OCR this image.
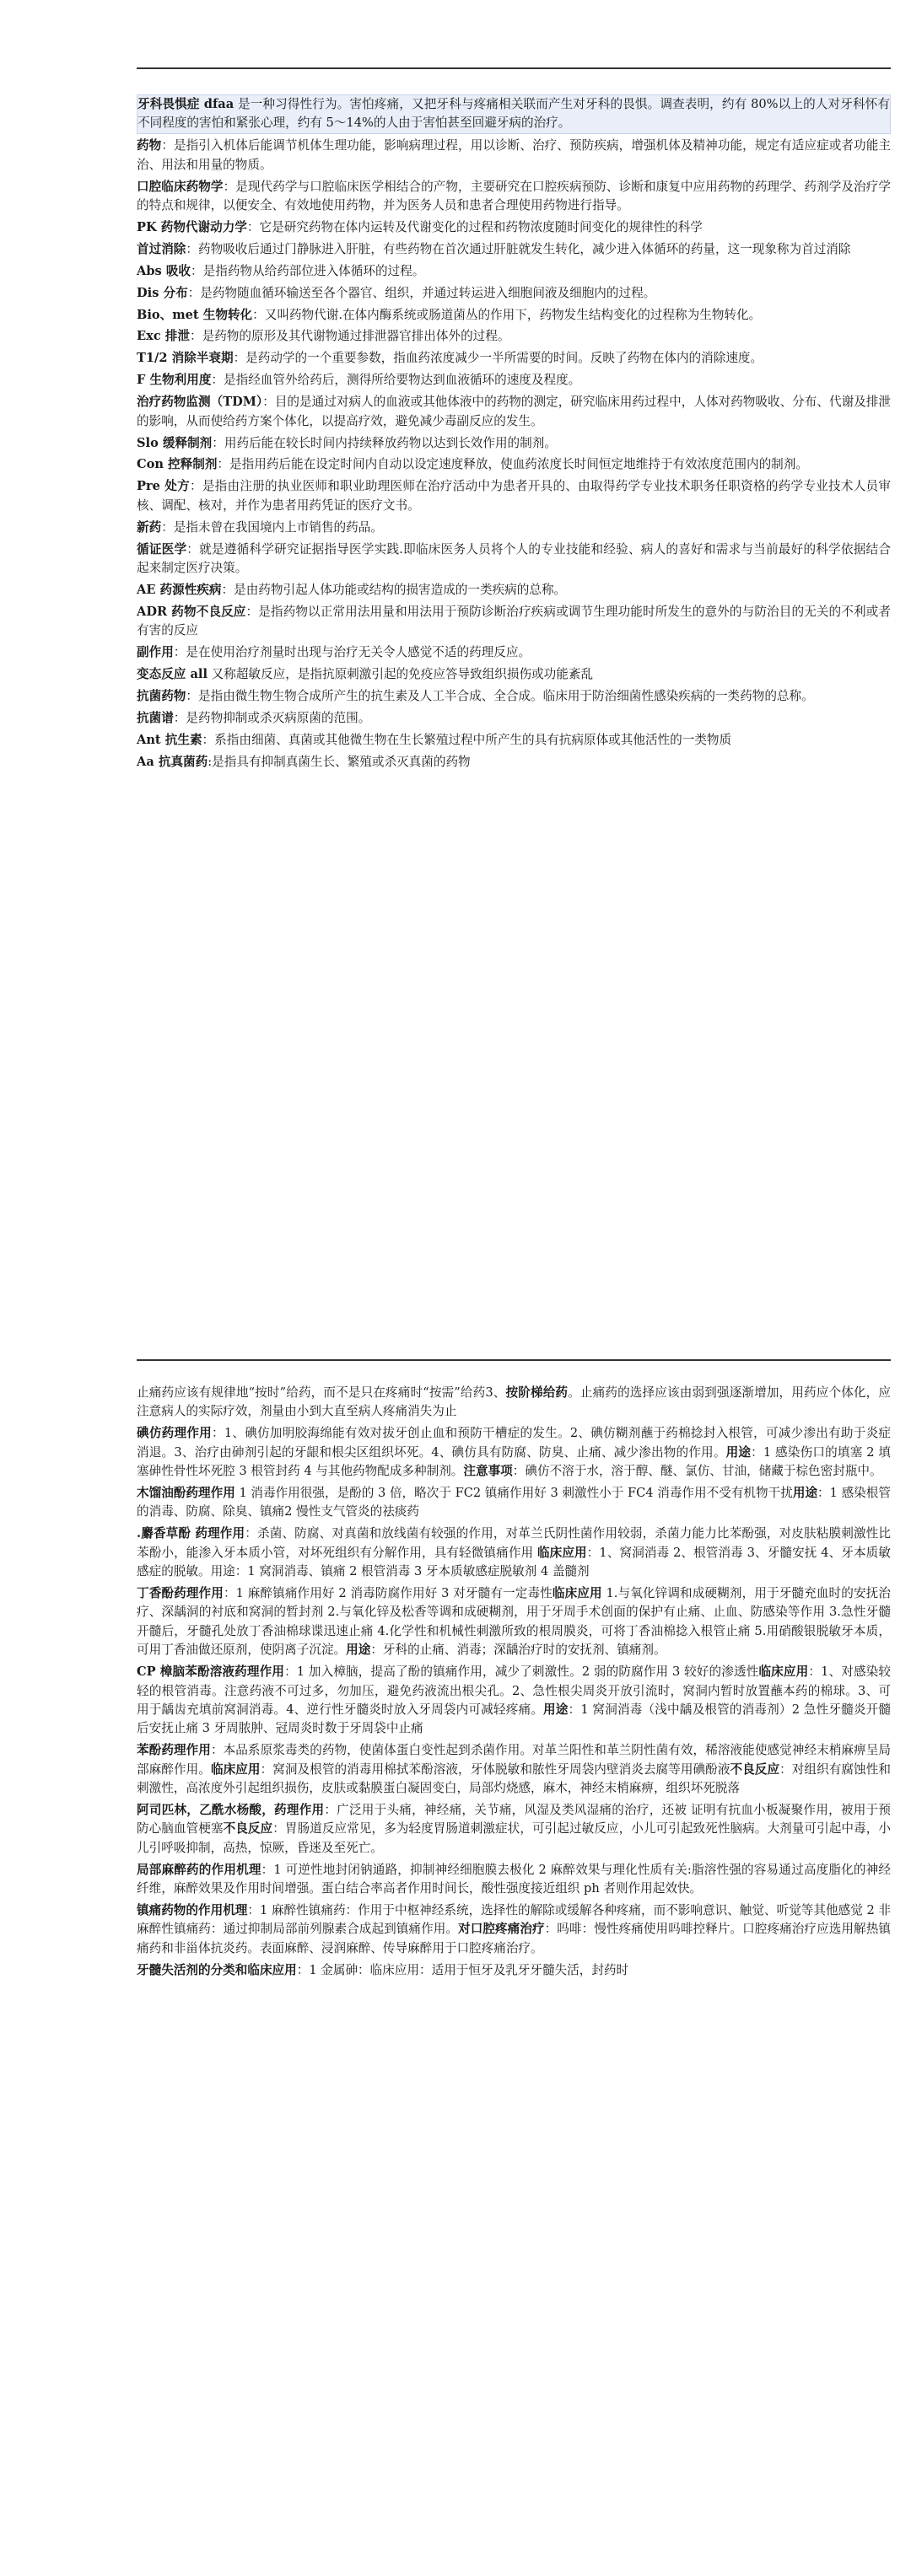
牙科畏惧症 dfaa 是一种习得性行为。害怕疼痛，又把牙科与疼痛相关联而产生对牙科的畏惧。调查表明，约有 80%以上的人对牙科怀有不同程度的害怕和紧张心理，约有 5～14%的人由于害怕甚至回避牙病的治疗。

药物：是指引入机体后能调节机体生理功能，影响病理过程，用以诊断、治疗、预防疾病，增强机体及精神功能，规定有适应症或者功能主治、用法和用量的物质。

口腔临床药物学：是现代药学与口腔临床医学相结合的产物，主要研究在口腔疾病预防、诊断和康复中应用药物的药理学、药剂学及治疗学的特点和规律，以便安全、有效地使用药物，并为医务人员和患者合理使用药物进行指导。

PK 药物代谢动力学：它是研究药物在体内运转及代谢变化的过程和药物浓度随时间变化的规律性的科学

首过消除：药物吸收后通过门静脉进入肝脏，有些药物在首次通过肝脏就发生转化，减少进入体循环的药量，这一现象称为首过消除

Abs 吸收：是指药物从给药部位进入体循环的过程。

Dis 分布：是药物随血循环输送至各个器官、组织，并通过转运进入细胞间液及细胞内的过程。

Bio、met 生物转化：又叫药物代谢.在体内酶系统或肠道菌丛的作用下，药物发生结构变化的过程称为生物转化。

Exc 排泄：是药物的原形及其代谢物通过排泄器官排出体外的过程。

T1/2 消除半衰期：是药动学的一个重要参数，指血药浓度减少一半所需要的时间。反映了药物在体内的消除速度。

F 生物利用度：是指经血管外给药后，测得所给要物达到血液循环的速度及程度。

治疗药物监测（TDM）：目的是通过对病人的血液或其他体液中的药物的测定，研究临床用药过程中，人体对药物吸收、分布、代谢及排泄的影响，从而使给药方案个体化，以提高疗效，避免减少毒副反应的发生。

Slo 缓释制剂：用药后能在较长时间内持续释放药物以达到长效作用的制剂。

Con 控释制剂：是指用药后能在设定时间内自动以设定速度释放，使血药浓度长时间恒定地维持于有效浓度范围内的制剂。

Pre 处方：是指由注册的执业医师和职业助理医师在治疗活动中为患者开具的、由取得药学专业技术职务任职资格的药学专业技术人员审核、调配、核对，并作为患者用药凭证的医疗文书。

新药：是指未曾在我国境内上市销售的药品。

循证医学：就是遵循科学研究证据指导医学实践.即临床医务人员将个人的专业技能和经验、病人的喜好和需求与当前最好的科学依据结合起来制定医疗决策。

AE 药源性疾病：是由药物引起人体功能或结构的损害造成的一类疾病的总称。

ADR 药物不良反应：是指药物以正常用法用量和用法用于预防诊断治疗疾病或调节生理功能时所发生的意外的与防治目的无关的不利或者有害的反应

副作用：是在使用治疗剂量时出现与治疗无关令人感觉不适的药理反应。

变态反应 all 又称超敏反应，是指抗原刺激引起的免疫应答导致组织损伤或功能紊乱

抗菌药物：是指由微生物生物合成所产生的抗生素及人工半合成、全合成。临床用于防治细菌性感染疾病的一类药物的总称。

抗菌谱：是药物抑制或杀灭病原菌的范围。

Ant 抗生素：系指由细菌、真菌或其他微生物在生长繁殖过程中所产生的具有抗病原体或其他活性的一类物质

Aa 抗真菌药:是指具有抑制真菌生长、繁殖或杀灭真菌的药物

止痛药应该有规律地“按时”给药，而不是只在疼痛时“按需”给药3、按阶梯给药。止痛药的选择应该由弱到强逐渐增加，用药应个体化，应注意病人的实际疗效，剂量由小到大直至病人疼痛消失为止

碘仿药理作用：1、碘仿加明胶海绵能有效对拔牙创止血和预防干槽症的发生。2、碘仿糊剂蘸于药棉捻封入根管，可减少渗出有助于炎症消退。3、治疗由砷剂引起的牙龈和根尖区组织坏死。4、碘仿具有防腐、防臭、止痛、减少渗出物的作用。用途：1 感染伤口的填塞 2 填塞砷性骨性坏死腔 3 根管封药 4 与其他药物配成多种制剂。注意事项：碘仿不溶于水，溶于醇、醚、氯仿、甘油，储藏于棕色密封瓶中。

木馏油酚药理作用 1 消毒作用很强，是酚的 3 倍，略次于 FC2 镇痛作用好 3 刺激性小于 FC4 消毒作用不受有机物干扰用途：1 感染根管的消毒、防腐、除臭、镇痛2 慢性支气管炎的祛痰药

.麝香草酚 药理作用：杀菌、防腐、对真菌和放线菌有较强的作用，对革兰氏阴性菌作用较弱，杀菌力能力比苯酚强，对皮肤粘膜刺激性比苯酚小，能渗入牙本质小管，对坏死组织有分解作用，具有轻微镇痛作用 临床应用：1、窝洞消毒 2、根管消毒 3、牙髓安抚 4、牙本质敏感症的脱敏。用途：1 窝洞消毒、镇痛 2 根管消毒 3 牙本质敏感症脱敏剂 4 盖髓剂

丁香酚药理作用：1 麻醉镇痛作用好 2 消毒防腐作用好 3 对牙髓有一定毒性临床应用 1.与氧化锌调和成硬糊剂，用于牙髓充血时的安抚治疗、深龋洞的衬底和窝洞的暂封剂 2.与氧化锌及松香等调和成硬糊剂，用于牙周手术创面的保护有止痛、止血、防感染等作用 3.急性牙髓开髓后，牙髓孔处放丁香油棉球谍迅速止痛 4.化学性和机械性刺激所致的根周膜炎，可将丁香油棉捻入根管止痛 5.用硝酸银脱敏牙本质，可用丁香油做还原剂，使阴离子沉淀。用途：牙科的止痛、消毒；深龋治疗时的安抚剂、镇痛剂。

CP 樟脑苯酚溶液药理作用：1 加入樟脑，提高了酚的镇痛作用，减少了刺激性。2 弱的防腐作用 3 较好的渗透性临床应用：1、对感染较轻的根管消毒。注意药液不可过多，勿加压，避免药液流出根尖孔。2、急性根尖周炎开放引流时，窝洞内暂时放置蘸本药的棉球。3、可用于龋齿充填前窝洞消毒。4、逆行性牙髓炎时放入牙周袋内可减轻疼痛。用途：1 窝洞消毒（浅中龋及根管的消毒剂）2 急性牙髓炎开髓后安抚止痛 3 牙周脓肿、冠周炎时数于牙周袋中止痛

苯酚药理作用：本品系原浆毒类的药物，使菌体蛋白变性起到杀菌作用。对革兰阳性和革兰阴性菌有效，稀溶液能使感觉神经末梢麻痹呈局部麻醉作用。临床应用：窝洞及根管的消毒用棉拭苯酚溶液，牙体脱敏和脓性牙周袋内壁消炎去腐等用碘酚液不良反应：对组织有腐蚀性和刺激性，高浓度外引起组织损伤，皮肤或黏膜蛋白凝固变白，局部灼烧感，麻木，神经末梢麻痹，组织坏死脱落

阿司匹林，乙酰水杨酸，药理作用：广泛用于头痛，神经痛，关节痛，风湿及类风湿痛的治疗，还被 证明有抗血小板凝聚作用，被用于预防心脑血管梗塞不良反应：胃肠道反应常见，多为轻度胃肠道刺激症状，可引起过敏反应，小儿可引起致死性脑病。大剂量可引起中毒，小儿引呼吸抑制，高热，惊厥，昏迷及至死亡。

局部麻醉药的作用机理：1 可逆性地封闭钠通路，抑制神经细胞膜去极化 2 麻醉效果与理化性质有关:脂溶性强的容易通过高度脂化的神经纤维，麻醉效果及作用时间增强。蛋白结合率高者作用时间长，酸性强度接近组织 ph 者则作用起效快。

镇痛药物的作用机理：1 麻醉性镇痛药：作用于中枢神经系统，选择性的解除或缓解各种疼痛，而不影响意识、触觉、听觉等其他感觉 2 非麻醉性镇痛药：通过抑制局部前列腺素合成起到镇痛作用。对口腔疼痛治疗：吗啡：慢性疼痛使用吗啡控释片。口腔疼痛治疗应选用解热镇痛药和非甾体抗炎药。表面麻醉、浸润麻醉、传导麻醉用于口腔疼痛治疗。

牙髓失活剂的分类和临床应用：1 金属砷：临床应用：适用于恒牙及乳牙牙髓失活，封药时
